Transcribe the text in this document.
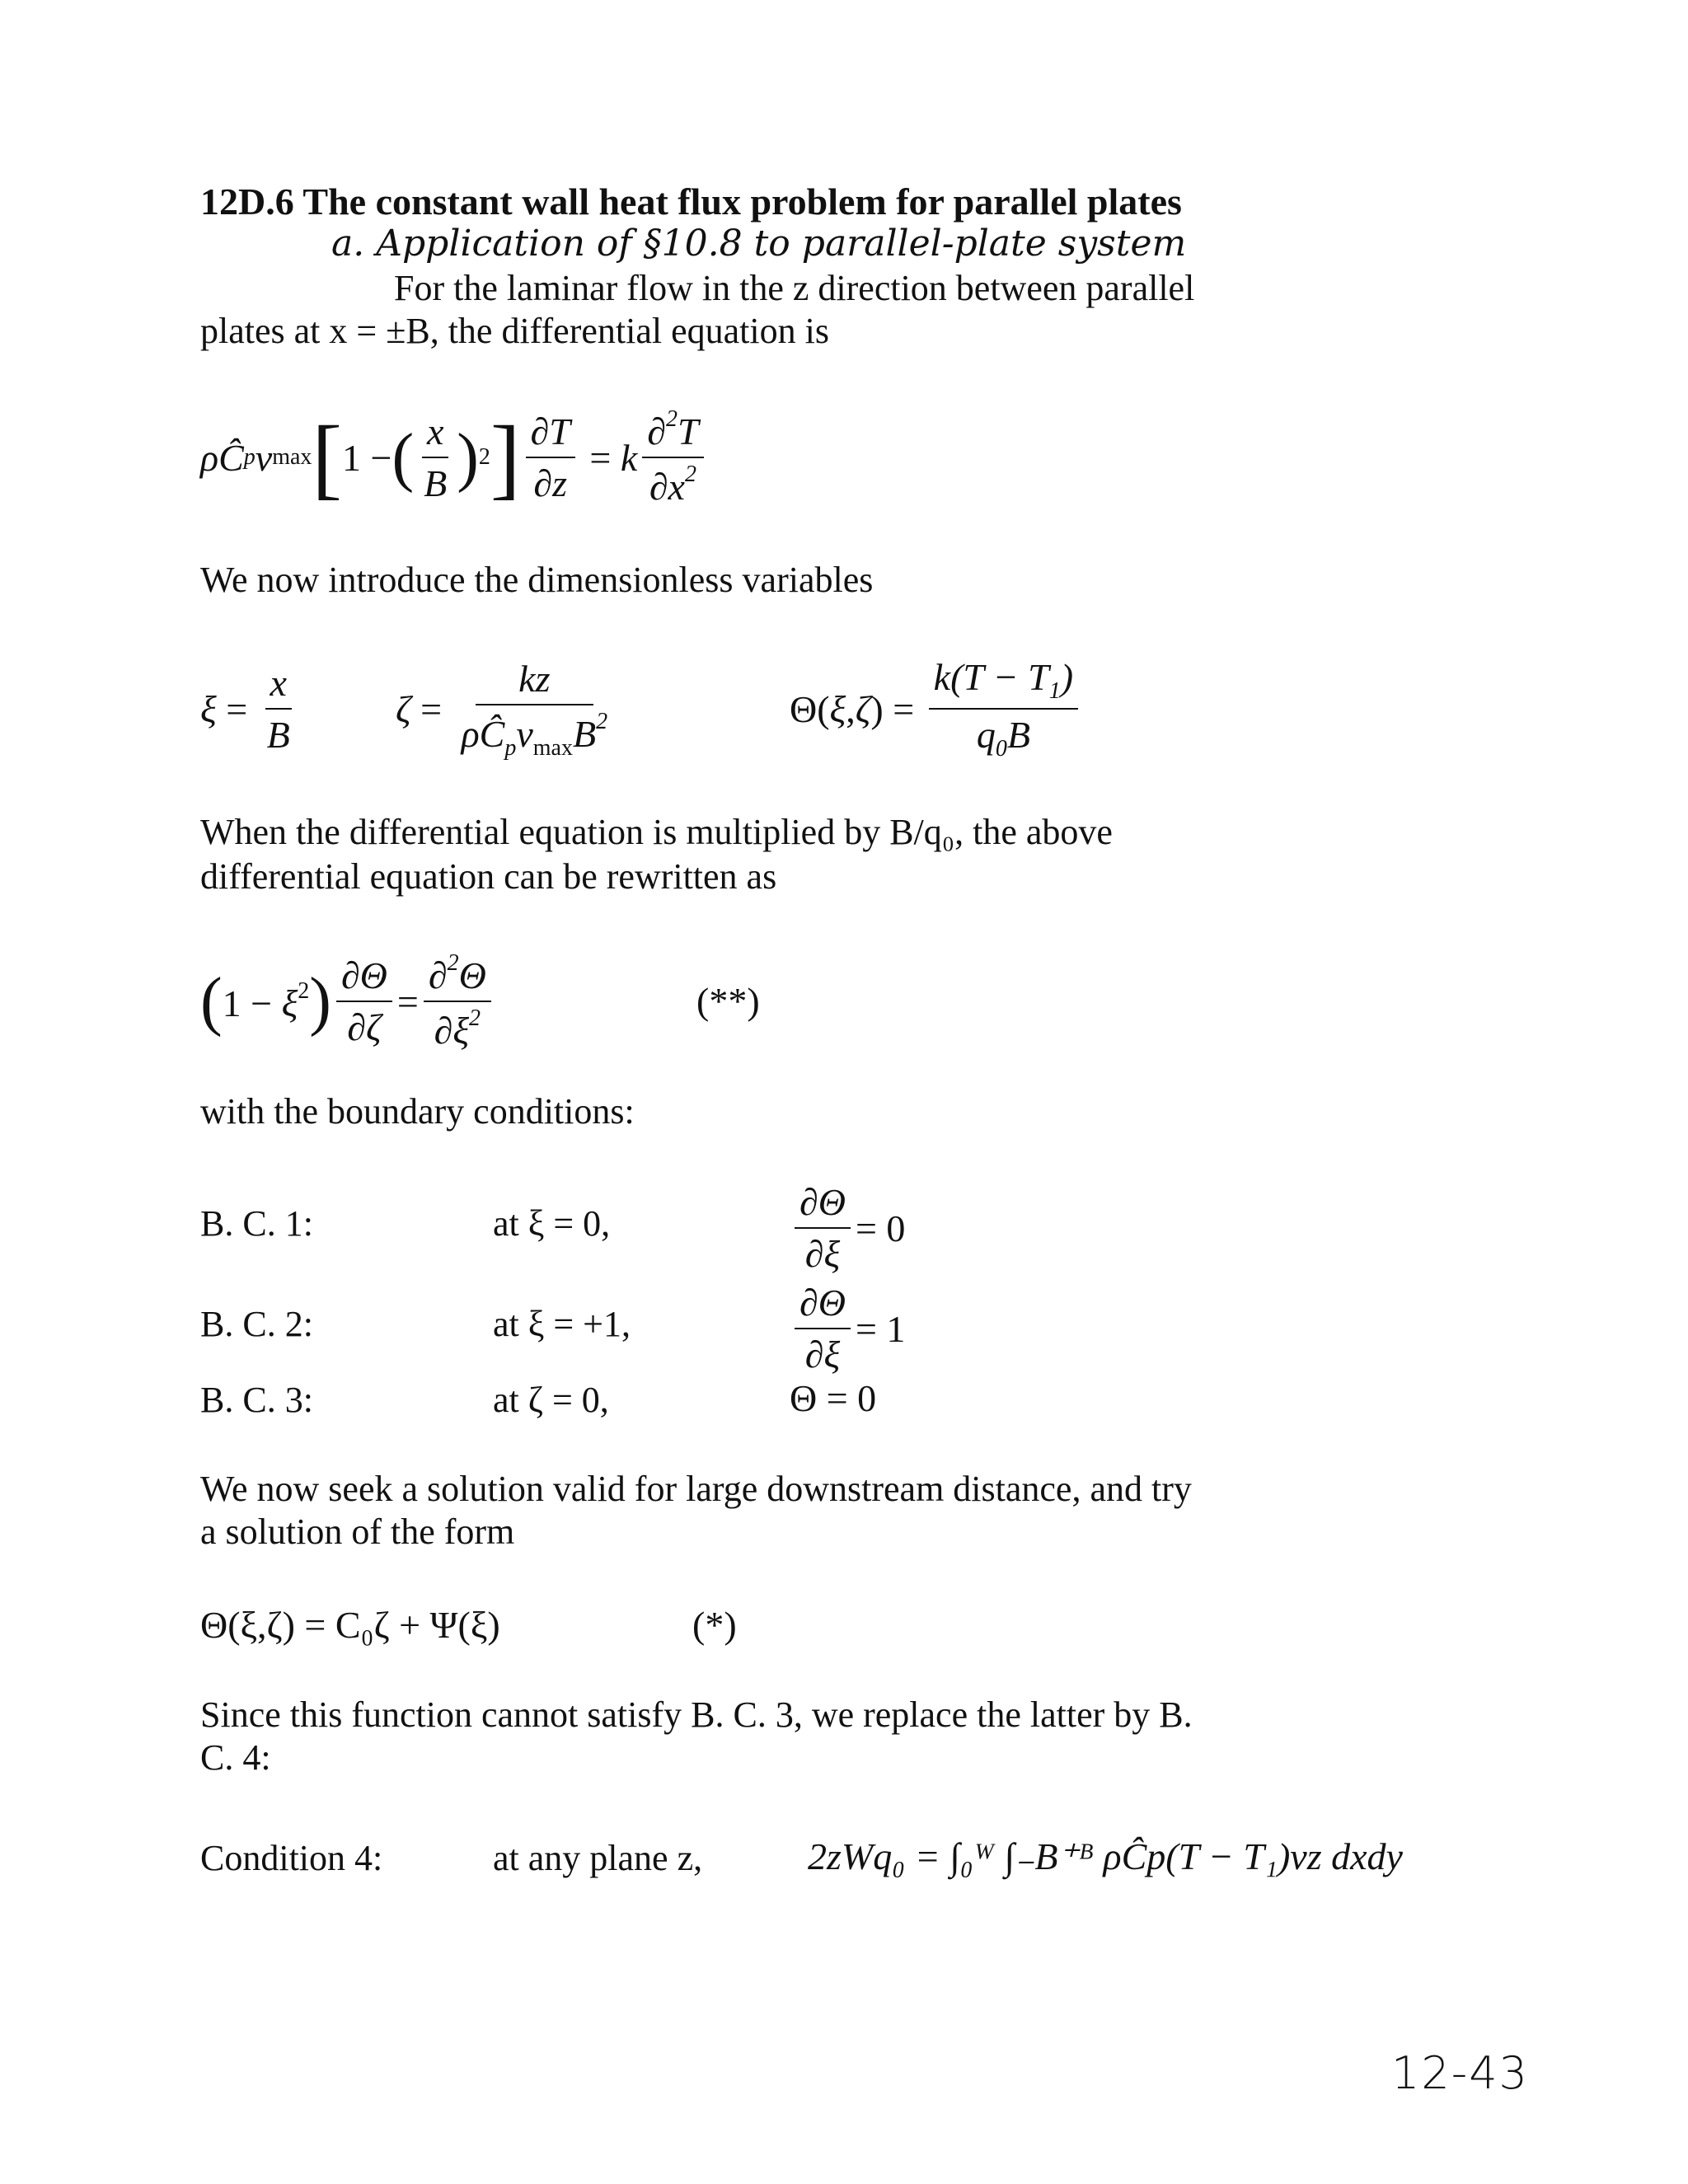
12D.6 The constant wall heat flux problem for parallel plates
a. Application of §10.8 to parallel-plate system
For the laminar flow in the z direction between parallel
plates at x = ±B, the differential equation is
ρĈ p v max [ 1 − ( $\frac{x}{B}$ ) 2 ] $\frac{\partial T}{\partial z} = k \frac{\partial^2T}{\partial x^2}$
We now introduce the dimensionless variables
$\xi = \frac{x}{B}$	$\zeta = \frac{kz}{\rho Ĉ_pv_{max}B^2}$	$\Theta(\xi,\zeta) = \frac{k(T - T_1)}{q_0B}$
When the differential equation is multiplied by B/q₀, the above
differential equation can be rewritten as
( $1 - \xi^2$ ) $\frac{\partial\Theta}{\partial\zeta} = \frac{\partial^2\Theta}{\partial\xi^2}$	(**)
with the boundary conditions:
B. C. 1:	at ξ = 0,	$\frac{\partial\Theta}{\partial\xi} = 0$
B. C. 2:	at ξ = +1,	$\frac{\partial\Theta}{\partial\xi} = 1$
B. C. 3:	at ζ = 0,	Θ = 0
We now seek a solution valid for large downstream distance, and try
a solution of the form
Θ(ξ,ζ) = C₀ζ + Ψ(ξ)	(*)
Since this function cannot satisfy B. C. 3, we replace the latter by B.
C. 4:
Condition 4:	at any plane z,	2zWq₀ = ∫₀ᵂ ∫₋B⁺ᴮ ρĈp(T − T₁)vz dxdy
12-43
